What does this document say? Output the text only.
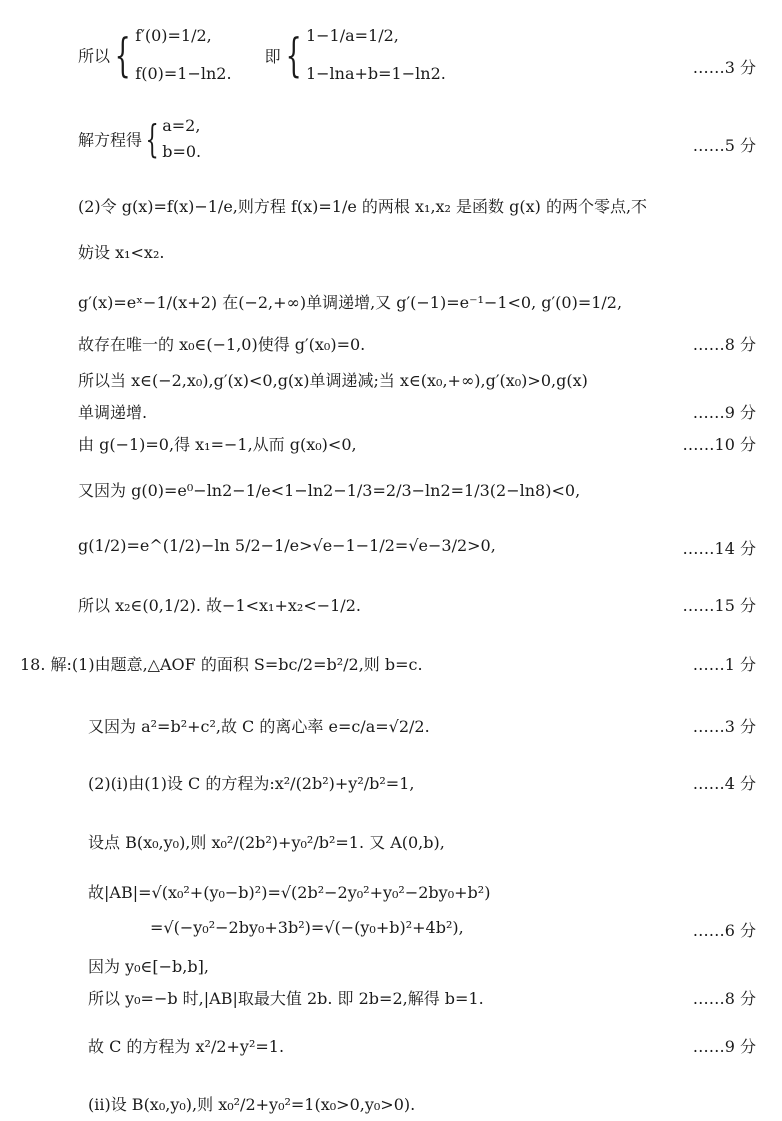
所以{ f′(0)=1/2,
f(0)=1−ln2.
即{ 1−1/a=1/2,
1−lna+b=1−ln2.	……3 分
解方程得{ a=2,
b=0.	……5 分
(2)令 g(x)=f(x)−1/e,则方程 f(x)=1/e 的两根 x₁,x₂ 是函数 g(x) 的两个零点,不
妨设 x₁<x₂.
g′(x)=eˣ−1/(x+2) 在(−2,+∞)单调递增,又 g′(−1)=e⁻¹−1<0, g′(0)=1/2,
故存在唯一的 x₀∈(−1,0)使得 g′(x₀)=0.	……8 分
所以当 x∈(−2,x₀),g′(x)<0,g(x)单调递减;当 x∈(x₀,+∞),g′(x₀)>0,g(x)
单调递增.	……9 分
由 g(−1)=0,得 x₁=−1,从而 g(x₀)<0,	……10 分
又因为 g(0)=e⁰−ln2−1/e<1−ln2−1/3=2/3−ln2=1/3(2−ln8)<0,
g(1/2)=e^(1/2)−ln 5/2−1/e>√e−1−1/2=√e−3/2>0,	……14 分
所以 x₂∈(0,1/2). 故−1<x₁+x₂<−1/2.	……15 分
18. 解:(1)由题意,△AOF 的面积 S=bc/2=b²/2,则 b=c.	……1 分
又因为 a²=b²+c²,故 C 的离心率 e=c/a=√2/2.	……3 分
(2)(i)由(1)设 C 的方程为:x²/(2b²)+y²/b²=1,	……4 分
设点 B(x₀,y₀),则 x₀²/(2b²)+y₀²/b²=1. 又 A(0,b),
故|AB|=√(x₀²+(y₀−b)²)=√(2b²−2y₀²+y₀²−2by₀+b²)
=√(−y₀²−2by₀+3b²)=√(−(y₀+b)²+4b²),	……6 分
因为 y₀∈[−b,b],
所以 y₀=−b 时,|AB|取最大值 2b. 即 2b=2,解得 b=1.	……8 分
故 C 的方程为 x²/2+y²=1.	……9 分
(ii)设 B(x₀,y₀),则 x₀²/2+y₀²=1(x₀>0,y₀>0).
